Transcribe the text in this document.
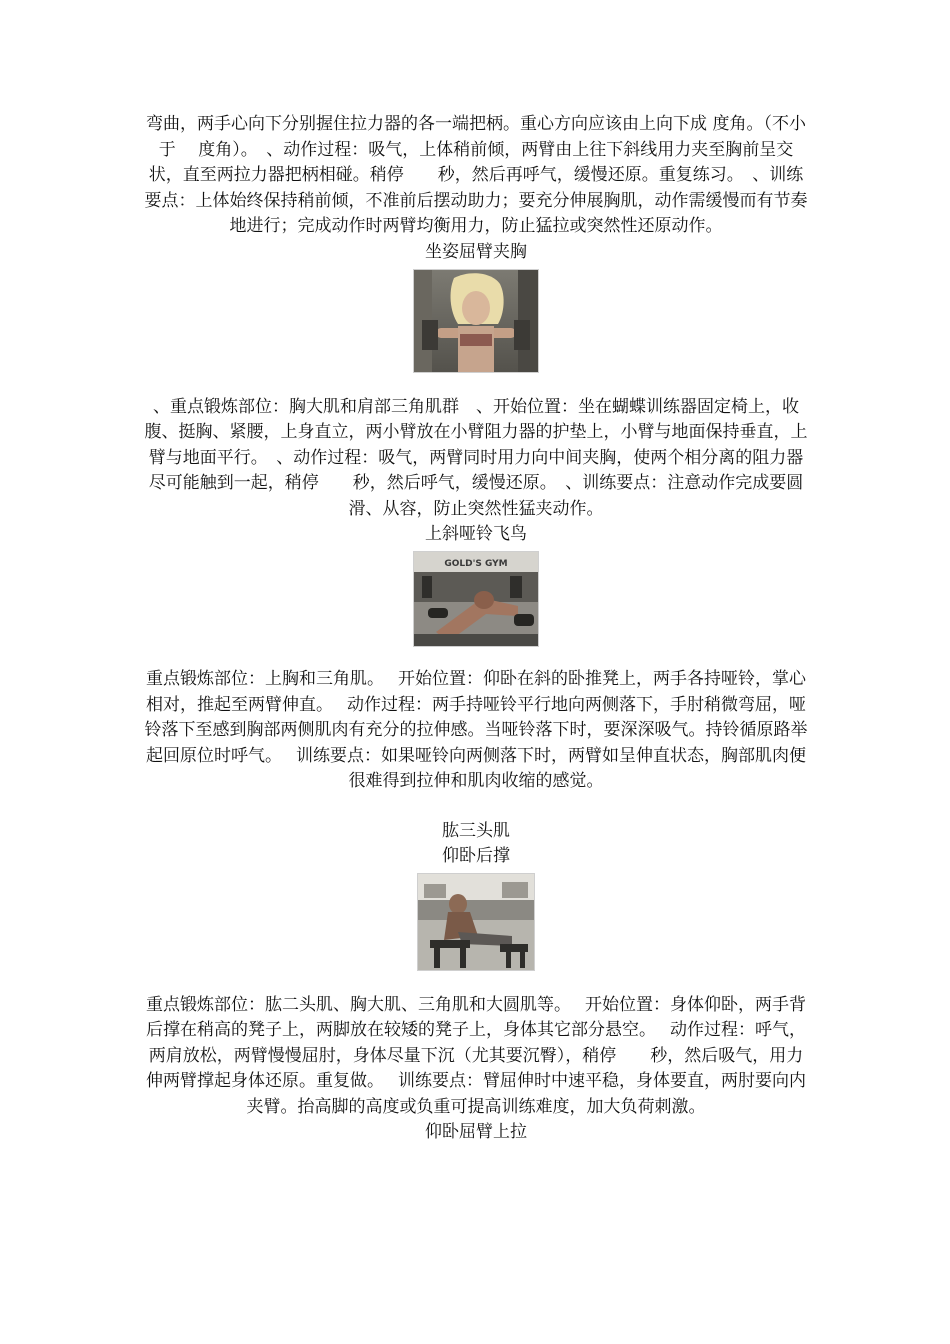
弯曲，两手心向下分别握住拉力器的各一端把柄。重心方向应该由上向下成 度角。（不小于　 度角）。　、动作过程：吸气，上体稍前倾，两臂由上往下斜线用力夹至胸前呈交　 状，直至两拉力器把柄相碰。稍停　　秒，然后再呼气，缓慢还原。重复练习。　、训练要点：上体始终保持稍前倾，不准前后摆动助力；要充分伸展胸肌，动作需缓慢而有节奏地进行；完成动作时两臂均衡用力，防止猛拉或突然性还原动作。

坐姿屈臂夹胸

、重点锻炼部位：胸大肌和肩部三角肌群　、开始位置：坐在蝴蝶训练器固定椅上，收腹、挺胸、紧腰，上身直立，两小臂放在小臂阻力器的护垫上，小臂与地面保持垂直，上臂与地面平行。　、动作过程：吸气，两臂同时用力向中间夹胸，使两个相分离的阻力器尽可能触到一起，稍停　　秒，然后呼气，缓慢还原。　、训练要点：注意动作完成要圆滑、从容，防止突然性猛夹动作。

上斜哑铃飞鸟

GOLD'S GYM

重点锻炼部位：上胸和三角肌。　 开始位置：仰卧在斜的卧推凳上，两手各持哑铃，掌心相对，推起至两臂伸直。　 动作过程：两手持哑铃平行地向两侧落下，手肘稍微弯屈，哑铃落下至感到胸部两侧肌肉有充分的拉伸感。当哑铃落下时，要深深吸气。持铃循原路举起回原位时呼气。　 训练要点：如果哑铃向两侧落下时，两臂如呈伸直状态，胸部肌肉便很难得到拉伸和肌肉收缩的感觉。

肱三头肌

仰卧后撑

重点锻炼部位：肱二头肌、胸大肌、三角肌和大圆肌等。　 开始位置：身体仰卧，两手背后撑在稍高的凳子上，两脚放在较矮的凳子上，身体其它部分悬空。　 动作过程：呼气，两肩放松，两臂慢慢屈肘，身体尽量下沉（尤其要沉臀），稍停　　秒，然后吸气，用力伸两臂撑起身体还原。重复做。　 训练要点：臂屈伸时中速平稳，身体要直，两肘要向内夹臂。抬高脚的高度或负重可提高训练难度，加大负荷刺激。

仰卧屈臂上拉
